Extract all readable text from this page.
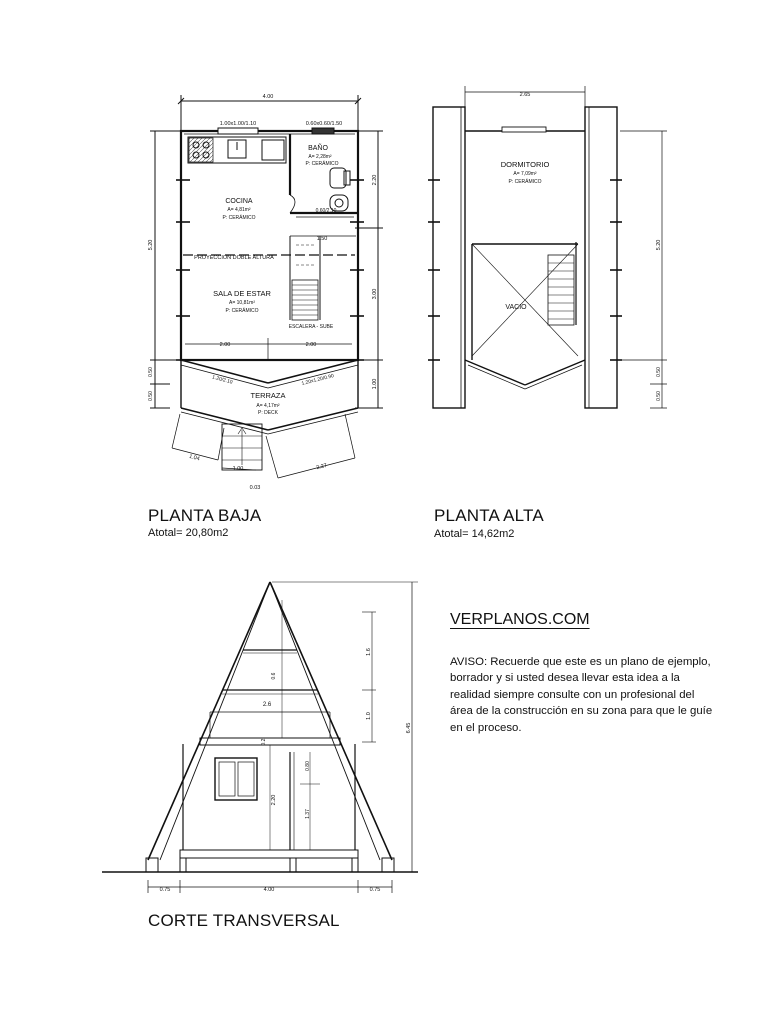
4.00
1.00x1.00/1.10	0.60x0.60/1.50
5.20
0.50
0.50
2.20
3.00
1.00
BAÑO
A= 2,28m²
P: CERÁMICO
0.60/2.10
COCINA
A= 4,81m²
P: CERÁMICO
1.50
PROYECCION DOBLE ALTURA
SALA DE ESTAR
A= 10,81m²
P: CERÁMICO
ESCALERA - SUBE
2.00	2.00
1.20/2.10	1.20x1.20/0.90
TERRAZA
A= 4,17m²
P: DECK
1.04
1.00	2.27
0.03
2.65
DORMITORIO
A= 7,09m²
P: CERÁMICO
VACIO
5.20
0.50
0.50
6.45
1.6
1.0
0.6
0.2
2.6
2.20
0.80
1.37
0.75	4.00	0.75
PLANTA BAJA
Atotal= 20,80m2
PLANTA ALTA
Atotal= 14,62m2
CORTE TRANSVERSAL
VERPLANOS.COM
AVISO: Recuerde que este es un plano de ejemplo, borrador y si usted desea llevar esta idea a la realidad siempre consulte con un profesional del área de la construcción en su zona para que le guíe en el proceso.
